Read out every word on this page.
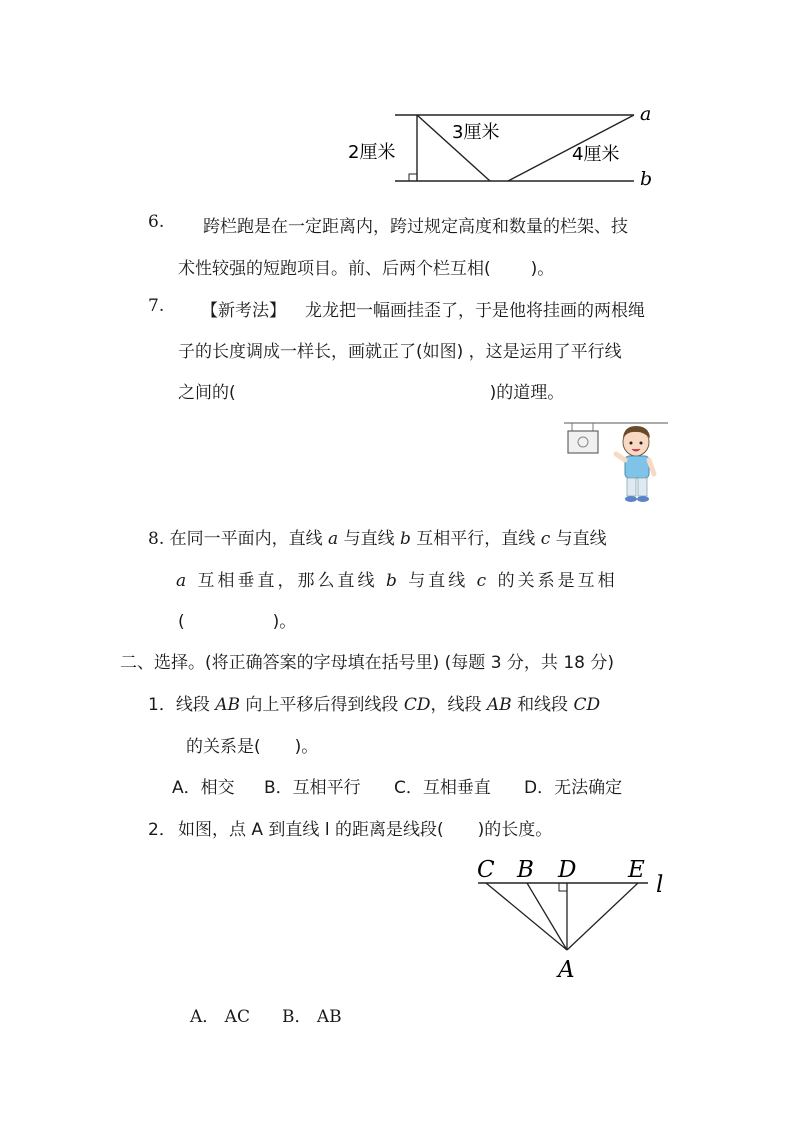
a
b
2厘米
3厘米
4厘米
6. 跨栏跑是在一定距离内，跨过规定高度和数量的栏架、技
术性较强的短跑项目。前、后两个栏互相( )。
7. 【新考法】 龙龙把一幅画挂歪了，于是他将挂画的两根绳
子的长度调成一样长，画就正了(如图) ，这是运用了平行线
之间的(	)的道理。
8. 在同一平面内，直线 a 与直线 b 互相平行，直线 c 与直线
a 互相垂直，那么直线 b 与直线 c 的关系是互相
(	)。
二、选择。(将正确答案的字母填在括号里) (每题 3 分，共 18 分)
1．线段 AB 向上平移后得到线段 CD，线段 AB 和线段 CD
的关系是(　　)。
A．相交 B．互相平行 C．互相垂直 D．无法确定
2． 如图，点 A 到直线 l 的距离是线段(　　)的长度。
C B D E
l
A
A． AC B． AB
